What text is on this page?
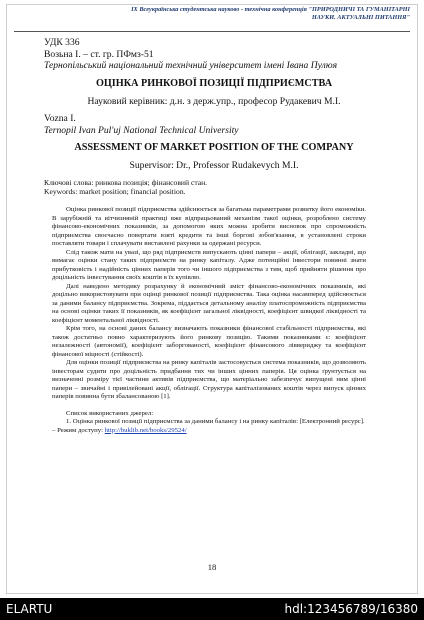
IX Всеукраїнська студентська науково - технічна конференція "ПРИРОДНИЧІ ТА ГУМАНІТАРНІ НАУКИ. АКТУАЛЬНІ ПИТАННЯ"
УДК 336
Возьна І. – ст. гр. ПФмз-51
Тернопільський національний технічний університет імені Івана Пулюя
ОЦІНКА РИНКОВОЇ ПОЗИЦІЇ ПІДПРИЄМСТВА
Науковий керівник: д.н. з держ.упр., професор Рудакевич М.І.
Vozna I.
Ternopil Ivan Pul'uj National Technical University
ASSESSMENT OF MARKET POSITION OF THE COMPANY
Supervisor: Dr., Professor Rudakevych M.I.
Ключові слова: ринкова позиція; фінансовий стан.
Keywords: market position; financial position.

Оцінка ринкової позиції підприємства здійснюється за багатьма параметрами розвитку його економіки. В зарубіжній та вітчизняній практиці вже відпрацьований механізм такої оцінки, розроблено систему фінансово-економічних показників, за допомогою яких можна зробити висновок про спроможність підприємства своєчасно повертати взяті кредити та інші боргові зобов'язання, в установлені строки поставляти товари і сплачувати виставлені рахунки за одержані ресурси.

Слід також мати на увазі, що ряд підприємств випускають цінні папери – акції, облігації, закладні, що вимагає оцінки стану таких підприємств на ринку капіталу. Адже потенційні інвестори повинні знати прибутковість і надійність цінних паперів того чи іншого підприємства з тим, щоб прийняти рішення про доцільність інвестування своїх коштів в їх купівлю.

Далі наведено методику розрахунку й економічний зміст фінансово-економічних показників, які доцільно використовувати при оцінці ринкової позиції підприємства. Така оцінка насамперед здійснюється за даними балансу підприємства. Зокрема, піддається детальному аналізу платоспроможність підприємства на основі оцінки таких її показників, як коефіцієнт загальної ліквідності, коефіцієнт швидкої ліквідності та коефіцієнт моментальної ліквідності.

Крім того, на основі даних балансу визначають показники фінансової стабільності підприємства, які також достатньо повно характеризують його ринкову позицію. Такими показниками є: коефіцієнт незалежності (автономії), коефіцієнт заборгованості, коефіцієнт фінансового ліввериджу та коефіцієнт фінансової міцності (стійкості).

Для оцінки позиції підприємства на ринку капіталів застосовується система показників, що дозволяють інвесторам судити про доцільність придбання тих чи інших цінних паперів. Ця оцінка ґрунтується на визначенні розміру тієї частини активів підприємства, що матеріально забезпечує випущені ним цінні папери – звичайні і привілейовані акції, облігації. Структура капіталізованих коштів через випуск цінних паперів повинна бути збалансованою [1].

Список використаних джерел:
1. Оцінка ринкової позиції підприємства за даними балансу і на ринку капіталів: [Електронний ресурс]. – Режим доступу: http://buklib.net/books/29524/
18
ELARTU	hdl:123456789/16380
